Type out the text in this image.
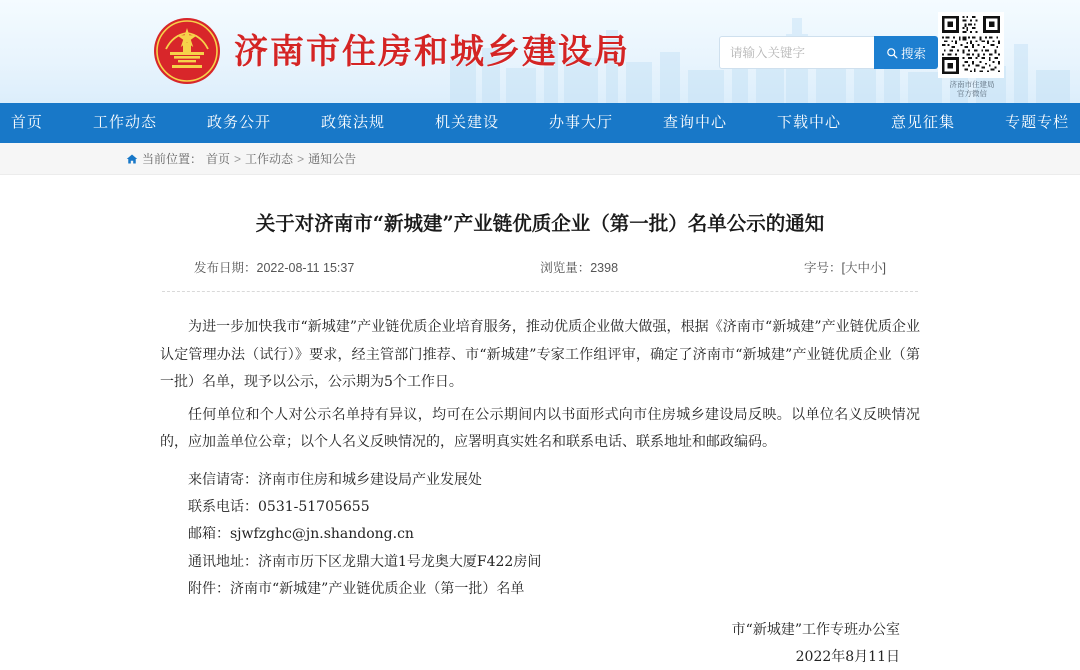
济南市住房和城乡建设局
请输入关键字	搜索
济南市住建局
官方微信
首页	工作动态	政务公开	政策法规	机关建设	办事大厅	查询中心	下载中心	意见征集	专题专栏
当前位置： 首页 > 工作动态 > 通知公告
关于对济南市“新城建”产业链优质企业（第一批）名单公示的通知
发布日期：2022-08-11 15:37	浏览量：2398	字号：[大中小]

为进一步加快我市“新城建”产业链优质企业培育服务，推动优质企业做大做强，根据《济南市“新城建”产业链优质企业认定管理办法（试行）》要求，经主管部门推荐、市“新城建”专家工作组评审，确定了济南市“新城建”产业链优质企业（第一批）名单，现予以公示，公示期为5个工作日。

任何单位和个人对公示名单持有异议，均可在公示期间内以书面形式向市住房城乡建设局反映。以单位名义反映情况的，应加盖单位公章；以个人名义反映情况的，应署明真实姓名和联系电话、联系地址和邮政编码。

来信请寄：济南市住房和城乡建设局产业发展处

联系电话：0531-51705655

邮箱：sjwfzghc@jn.shandong.cn

通讯地址：济南市历下区龙鼎大道1号龙奥大厦F422房间

附件：济南市“新城建”产业链优质企业（第一批）名单

市“新城建”工作专班办公室
2022年8月11日
